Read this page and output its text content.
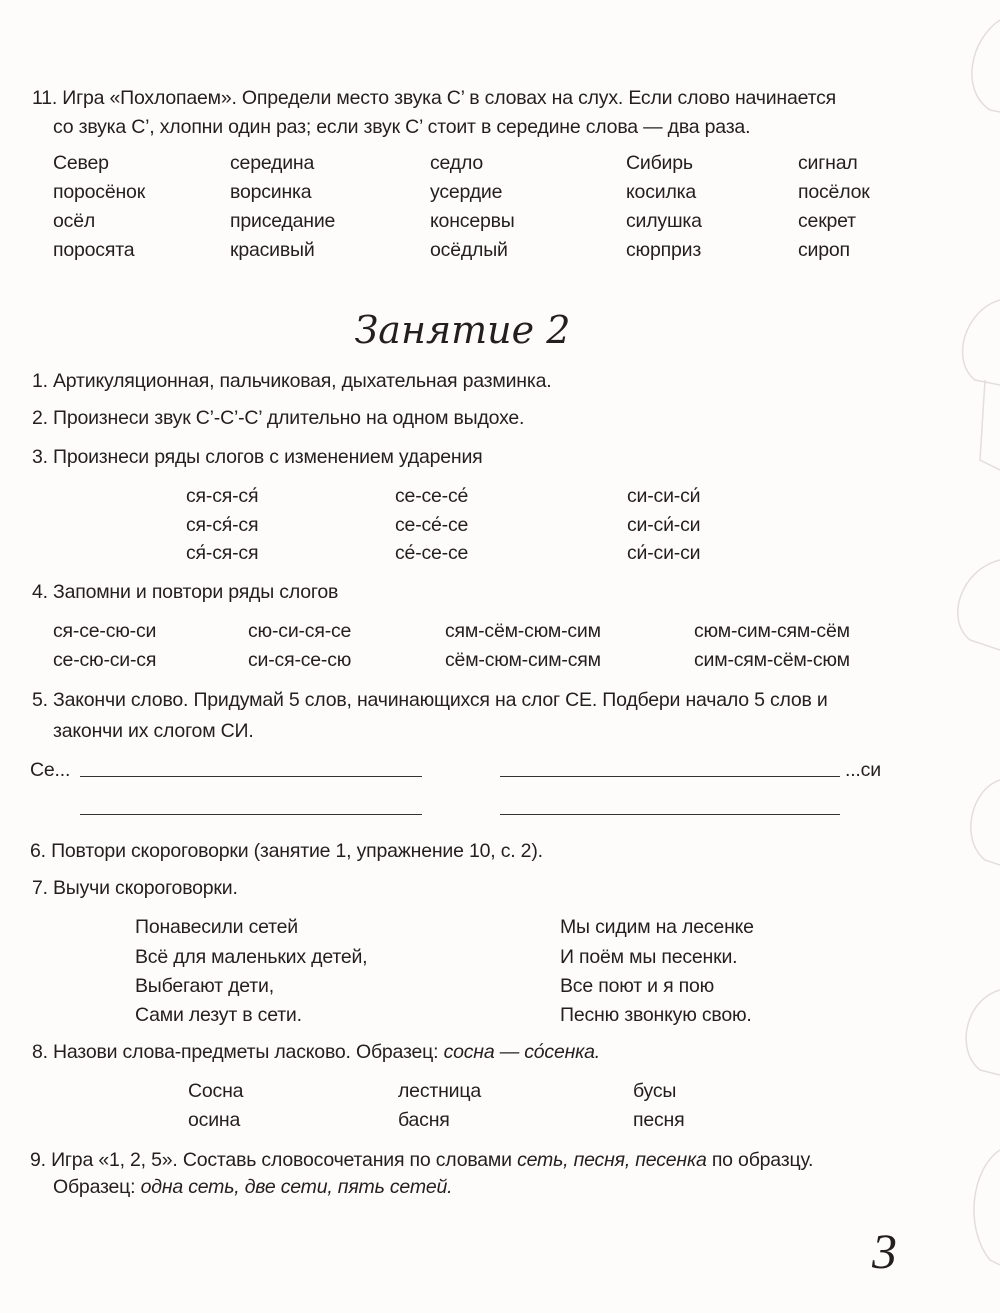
11. Игра «Похлопаем». Определи место звука С’ в словах на слух. Если слово начинается
со звука С’, хлопни один раз; если звук С’ стоит в середине слова — два раза.
Север	середина	седло	Сибирь	сигнал
поросёнок	ворсинка	усердие	косилка	посёлок
осёл	приседание	консервы	силушка	секрет
поросята	красивый	осёдлый	сюрприз	сироп
Занятие 2
1. Артикуляционная, пальчиковая, дыхательная разминка.
2. Произнеси звук С’-С’-С’ длительно на одном выдохе.
3. Произнеси ряды слогов с изменением ударения
ся-ся-ся́	се-се-се́	си-си-си́
ся-ся́-ся	се-се́-се	си-си́-си
ся́-ся-ся	се́-се-се	си́-си-си
4. Запомни и повтори ряды слогов
ся-се-сю-си	сю-си-ся-се	сям-сём-сюм-сим	сюм-сим-сям-сём
се-сю-си-ся	си-ся-се-сю	сём-сюм-сим-сям	сим-сям-сём-сюм
5. Закончи слово. Придумай 5 слов, начинающихся на слог СЕ. Подбери начало 5 слов и
закончи их слогом СИ.
Се...	...си
6. Повтори скороговорки (занятие 1, упражнение 10, с. 2).
7. Выучи скороговорки.
Понавесили сетей
Всё для маленьких детей,
Выбегают дети,
Сами лезут в сети.
Мы сидим на лесенке
И поём мы песенки.
Все поют и я пою
Песню звонкую свою.
8. Назови слова-предметы ласково. Образец: сосна — со́сенка.
Сосна	лестница	бусы
осина	басня	песня
9. Игра «1, 2, 5». Составь словосочетания по словами сеть, песня, песенка по образцу.
Образец: одна сеть, две сети, пять сетей.
3
